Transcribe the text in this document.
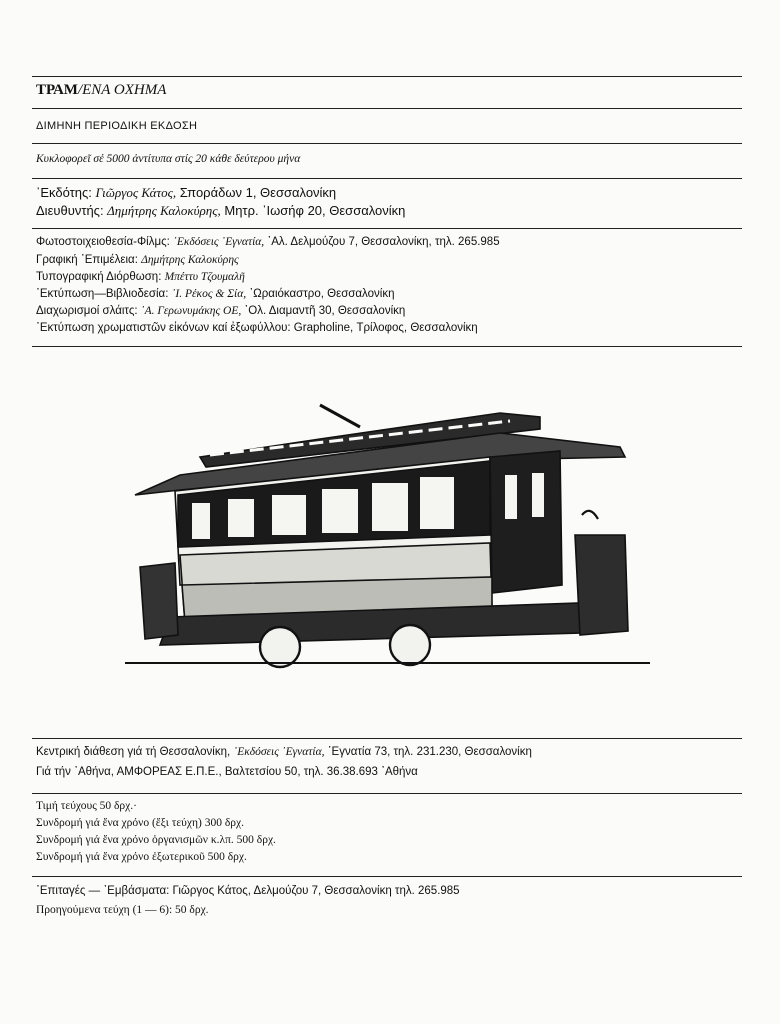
ΤΡΑΜ/ΕΝΑ ΟΧΗΜΑ
ΔΙΜΗΝΗ ΠΕΡΙΟΔΙΚΗ ΕΚΔΟΣΗ
Κυκλοφορεῖ σέ 5000 ἀντίτυπα στίς 20 κάθε δεύτερου μήνα
᾿Εκδότης: Γιῶργος Κάτος, Σποράδων 1, Θεσσαλονίκη
Διευθυντής: Δημήτρης Καλοκύρης, Μητρ. ᾿Ιωσήφ 20, Θεσσαλονίκη
Φωτοστοιχειοθεσία-Φίλμς: ᾿Εκδόσεις ᾿Εγνατία, ᾿Αλ. Δελμούζου 7, Θεσσαλονίκη, τηλ. 265.985
Γραφική ᾿Επιμέλεια: Δημήτρης Καλοκύρης
Τυπογραφική Διόρθωση: Μπέττυ Τζουμαλῆ
᾿Εκτύπωση—Βιβλιοδεσία: ᾿Ι. Ρέκος & Σία, ᾿Ωραιόκαστρο, Θεσσαλονίκη
Διαχωρισμοί σλάιτς: ᾿Α. Γερωνυμάκης ΟΕ, ᾿Ολ. Διαμαντῆ 30, Θεσσαλονίκη
᾿Εκτύπωση χρωματιστῶν εἰκόνων καί ἐξωφύλλου: Grapholine, Τρίλοφος, Θεσσαλονίκη
Κεντρική διάθεση γιά τή Θεσσαλονίκη, ᾿Εκδόσεις ᾿Εγνατία, ᾿Εγνατία 73, τηλ. 231.230, Θεσσαλονίκη
Γιά τήν ᾿Αθήνα, ΑΜΦΟΡΕΑΣ Ε.Π.Ε., Βαλτετσίου 50, τηλ. 36.38.693 ᾿Αθήνα
Τιμή τεύχους 50 δρχ.·
Συνδρομή γιά ἕνα χρόνο (ἔξι τεύχη) 300 δρχ.
Συνδρομή γιά ἕνα χρόνο ὀργανισμῶν κ.λπ. 500 δρχ.
Συνδρομή γιά ἕνα χρόνο ἐξωτερικοῦ 500 δρχ.
᾿Επιταγές — ᾿Εμβάσματα: Γιῶργος Κάτος, Δελμούζου 7, Θεσσαλονίκη τηλ. 265.985
Προηγούμενα τεύχη (1 — 6): 50 δρχ.
